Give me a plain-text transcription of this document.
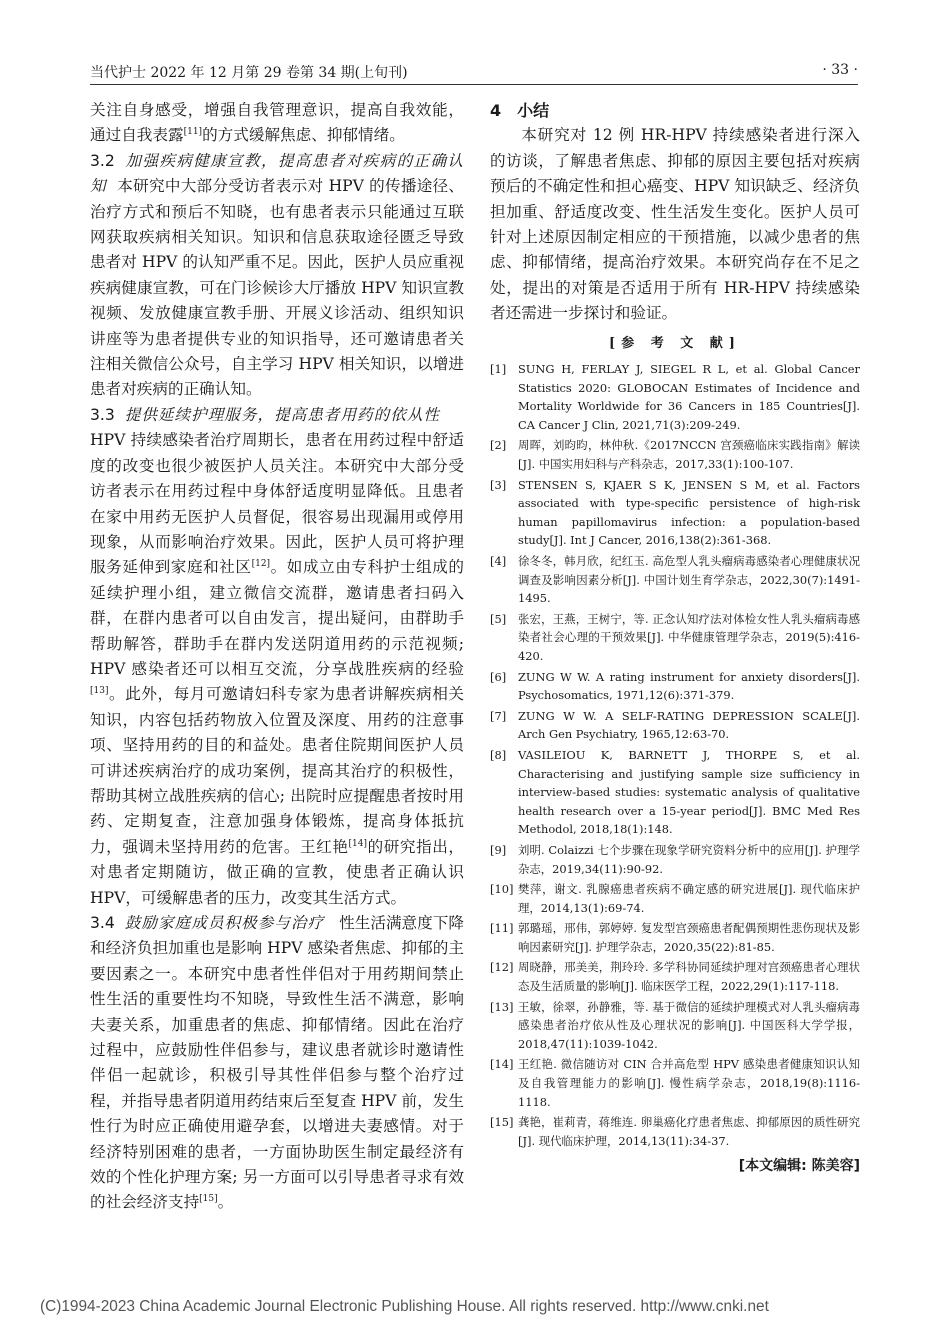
当代护士 2022 年 12 月第 29 卷第 34 期(上旬刊)	· 33 ·

关注自身感受，增强自我管理意识，提高自我效能，通过自我表露[11]的方式缓解焦虑、抑郁情绪。

3.2 加强疾病健康宣教，提高患者对疾病的正确认知 本研究中大部分受访者表示对 HPV 的传播途径、治疗方式和预后不知晓，也有患者表示只能通过互联网获取疾病相关知识。知识和信息获取途径匮乏导致患者对 HPV 的认知严重不足。因此，医护人员应重视疾病健康宣教，可在门诊候诊大厅播放 HPV 知识宣教视频、发放健康宣教手册、开展义诊活动、组织知识讲座等为患者提供专业的知识指导，还可邀请患者关注相关微信公众号，自主学习 HPV 相关知识，以增进患者对疾病的正确认知。

3.3 提供延续护理服务，提高患者用药的依从性

HPV 持续感染者治疗周期长，患者在用药过程中舒适度的改变也很少被医护人员关注。本研究中大部分受访者表示在用药过程中身体舒适度明显降低。且患者在家中用药无医护人员督促，很容易出现漏用或停用现象，从而影响治疗效果。因此，医护人员可将护理服务延伸到家庭和社区[12]。如成立由专科护士组成的延续护理小组，建立微信交流群，邀请患者扫码入群，在群内患者可以自由发言，提出疑问，由群助手帮助解答，群助手在群内发送阴道用药的示范视频; HPV 感染者还可以相互交流，分享战胜疾病的经验[13]。此外，每月可邀请妇科专家为患者讲解疾病相关知识，内容包括药物放入位置及深度、用药的注意事项、坚持用药的目的和益处。患者住院期间医护人员可讲述疾病治疗的成功案例，提高其治疗的积极性，帮助其树立战胜疾病的信心; 出院时应提醒患者按时用药、定期复查，注意加强身体锻炼，提高身体抵抗力，强调未坚持用药的危害。王红艳[14]的研究指出，对患者定期随访，做正确的宣教，使患者正确认识 HPV，可缓解患者的压力，改变其生活方式。

3.4 鼓励家庭成员积极参与治疗 性生活满意度下降和经济负担加重也是影响 HPV 感染者焦虑、抑郁的主要因素之一。本研究中患者性伴侣对于用药期间禁止性生活的重要性均不知晓，导致性生活不满意，影响夫妻关系，加重患者的焦虑、抑郁情绪。因此在治疗过程中，应鼓励性伴侣参与，建议患者就诊时邀请性伴侣一起就诊，积极引导其性伴侣参与整个治疗过程，并指导患者阴道用药结束后至复查 HPV 前，发生性行为时应正确使用避孕套，以增进夫妻感情。对于经济特别困难的患者，一方面协助医生制定最经济有效的个性化护理方案; 另一方面可以引导患者寻求有效的社会经济支持[15]。

4　小结

本研究对 12 例 HR-HPV 持续感染者进行深入的访谈，了解患者焦虑、抑郁的原因主要包括对疾病预后的不确定性和担心癌变、HPV 知识缺乏、经济负担加重、舒适度改变、性生活发生变化。医护人员可针对上述原因制定相应的干预措施，以减少患者的焦虑、抑郁情绪，提高治疗效果。本研究尚存在不足之处，提出的对策是否适用于所有 HR-HPV 持续感染者还需进一步探讨和验证。

[参 考 文 献]
[1]	SUNG H, FERLAY J, SIEGEL R L, et al. Global Cancer Statistics 2020: GLOBOCAN Estimates of Incidence and Mortality Worldwide for 36 Cancers in 185 Countries[J]. CA Cancer J Clin, 2021,71(3):209-249.
[2]	周晖，刘昀昀，林仲秋.《2017NCCN 宫颈癌临床实践指南》解读[J]. 中国实用妇科与产科杂志，2017,33(1):100-107.
[3]	STENSEN S, KJAER S K, JENSEN S M, et al. Factors associated with type-specific persistence of high-risk human papillomavirus infection: a population-based study[J]. Int J Cancer, 2016,138(2):361-368.
[4]	徐冬冬，韩月欣，纪红玉. 高危型人乳头瘤病毒感染者心理健康状况调查及影响因素分析[J]. 中国计划生育学杂志，2022,30(7):1491-1495.
[5]	张宏，王燕，王树宁，等. 正念认知疗法对体检女性人乳头瘤病毒感染者社会心理的干预效果[J]. 中华健康管理学杂志，2019(5):416-420.
[6]	ZUNG W W. A rating instrument for anxiety disorders[J]. Psychosomatics, 1971,12(6):371-379.
[7]	ZUNG W W. A SELF-RATING DEPRESSION SCALE[J]. Arch Gen Psychiatry, 1965,12:63-70.
[8]	VASILEIOU K, BARNETT J, THORPE S, et al. Characterising and justifying sample size sufficiency in interview-based studies: systematic analysis of qualitative health research over a 15-year period[J]. BMC Med Res Methodol, 2018,18(1):148.
[9]	刘明. Colaizzi 七个步骤在现象学研究资料分析中的应用[J]. 护理学杂志，2019,34(11):90-92.
[10] 樊萍，谢文. 乳腺癌患者疾病不确定感的研究进展[J]. 现代临床护理，2014,13(1):69-74.
[11] 郭璐瑶，邢伟，郭婷婷. 复发型宫颈癌患者配偶预期性悲伤现状及影响因素研究[J]. 护理学杂志，2020,35(22):81-85.
[12] 周晓静，邢美美，荆玲玲. 多学科协同延续护理对宫颈癌患者心理状态及生活质量的影响[J]. 临床医学工程，2022,29(1):117-118.
[13] 王敏，徐翠，孙静雅，等. 基于微信的延续护理模式对人乳头瘤病毒感染患者治疗依从性及心理状况的影响[J]. 中国医科大学学报，2018,47(11):1039-1042.
[14] 王红艳. 微信随访对 CIN 合并高危型 HPV 感染患者健康知识认知及自我管理能力的影响[J]. 慢性病学杂志，2018,19(8):1116-1118.
[15] 龚艳，崔莉青，蒋维连. 卵巢癌化疗患者焦虑、抑郁原因的质性研究[J]. 现代临床护理，2014,13(11):34-37.
[本文编辑: 陈美容]
(C)1994-2023 China Academic Journal Electronic Publishing House. All rights reserved. http://www.cnki.net
